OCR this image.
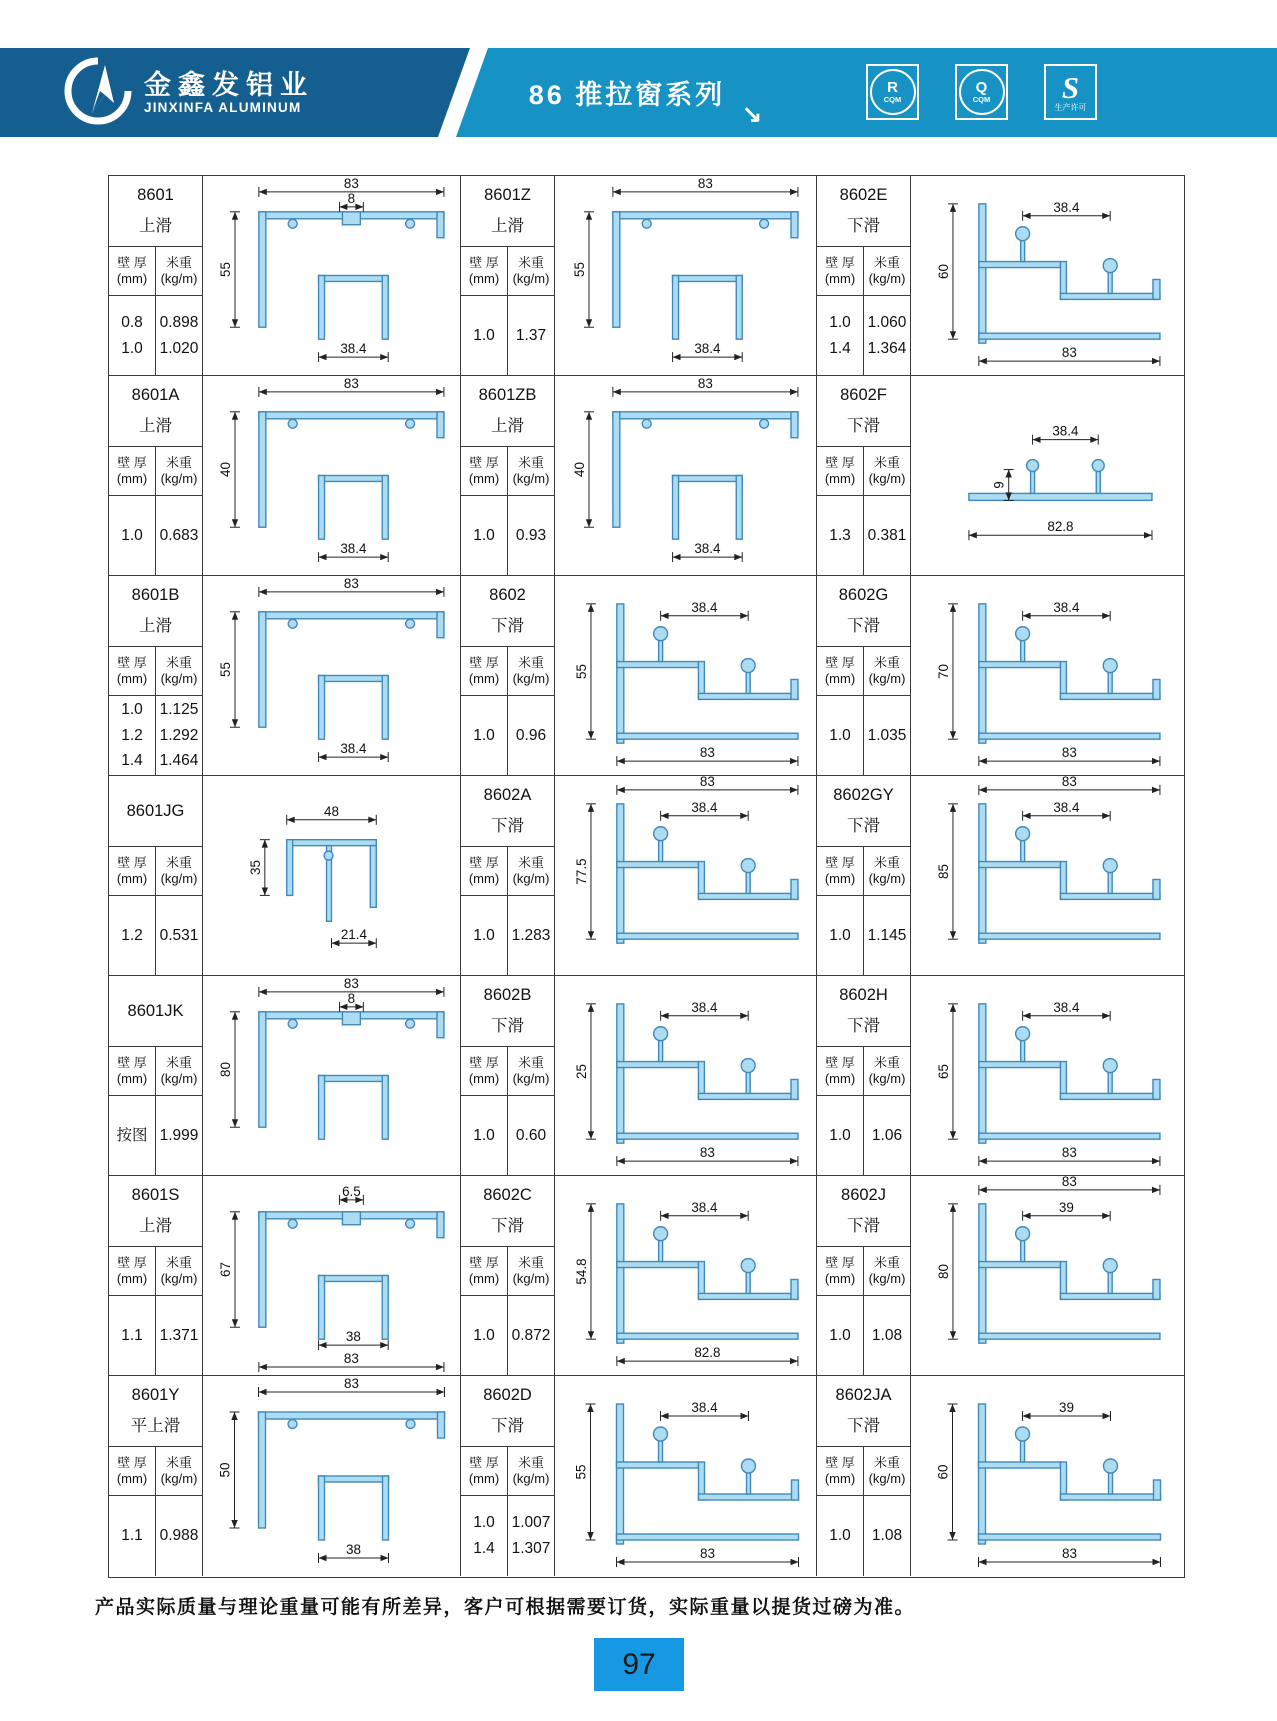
金鑫发铝业
JINXINFA ALUMINUM	86 推拉窗系列
↘
R
CQM
Q
CQM S
生产许可
8601
上滑
壁 厚
(mm)
米重
(kg/m)
0.8
1.0
0.898
1.020
8
83
55
38.4
8601Z
上滑
壁 厚
(mm)
米重
(kg/m)
1.0 1.37
83
55
38.4
8602E
下滑
壁 厚
(mm)
米重
(kg/m)
1.0
1.4
1.060
1.364
38.4
60
83
8601A
上滑
壁 厚
(mm)
米重
(kg/m)
1.0 0.683
83
40
38.4
8601ZB
上滑
壁 厚
(mm)
米重
(kg/m)
1.0 0.93
83
40
38.4
8602F
下滑
壁 厚
(mm)
米重
(kg/m)
1.3 0.381
38.4
9
82.8
8601B
上滑
壁 厚
(mm)
米重
(kg/m)
1.0
1.2
1.4
1.125
1.292
1.464
83
55
38.4
8602
下滑
壁 厚
(mm)
米重
(kg/m)
1.0 0.96
38.4
55
83
8602G
下滑
壁 厚
(mm)
米重
(kg/m)
1.0 1.035
38.4
70
83
8601JG
壁 厚
(mm)
米重
(kg/m)
1.2 0.531
48
35
21.4
8602A
下滑
壁 厚
(mm)
米重
(kg/m)
1.0 1.283
83
38.4
77.5
8602GY
下滑
壁 厚
(mm)
米重
(kg/m)
1.0 1.145
83
38.4
85
8601JK
壁 厚
(mm)
米重
(kg/m)
按图 1.999
8
83
80
8602B
下滑
壁 厚
(mm)
米重
(kg/m)
1.0 0.60
38.4
25
83
8602H
下滑
壁 厚
(mm)
米重
(kg/m)
1.0 1.06
38.4
65
83
8601S
上滑
壁 厚
(mm)
米重
(kg/m)
1.1 1.371
6.5
67
38
83
8602C
下滑
壁 厚
(mm)
米重
(kg/m)
1.0 0.872
38.4
54.8
82.8
8602J
下滑
壁 厚
(mm)
米重
(kg/m)
1.0 1.08
83
39
80
8601Y
平上滑
壁 厚
(mm)
米重
(kg/m)
1.1 0.988
83
50
38
8602D
下滑
壁 厚
(mm)
米重
(kg/m)
1.0
1.4
1.007
1.307
38.4
55
83
8602JA
下滑
壁 厚
(mm)
米重
(kg/m)
1.0 1.08
39
60
83
产品实际质量与理论重量可能有所差异，客户可根据需要订货，实际重量以提货过磅为准。
97
